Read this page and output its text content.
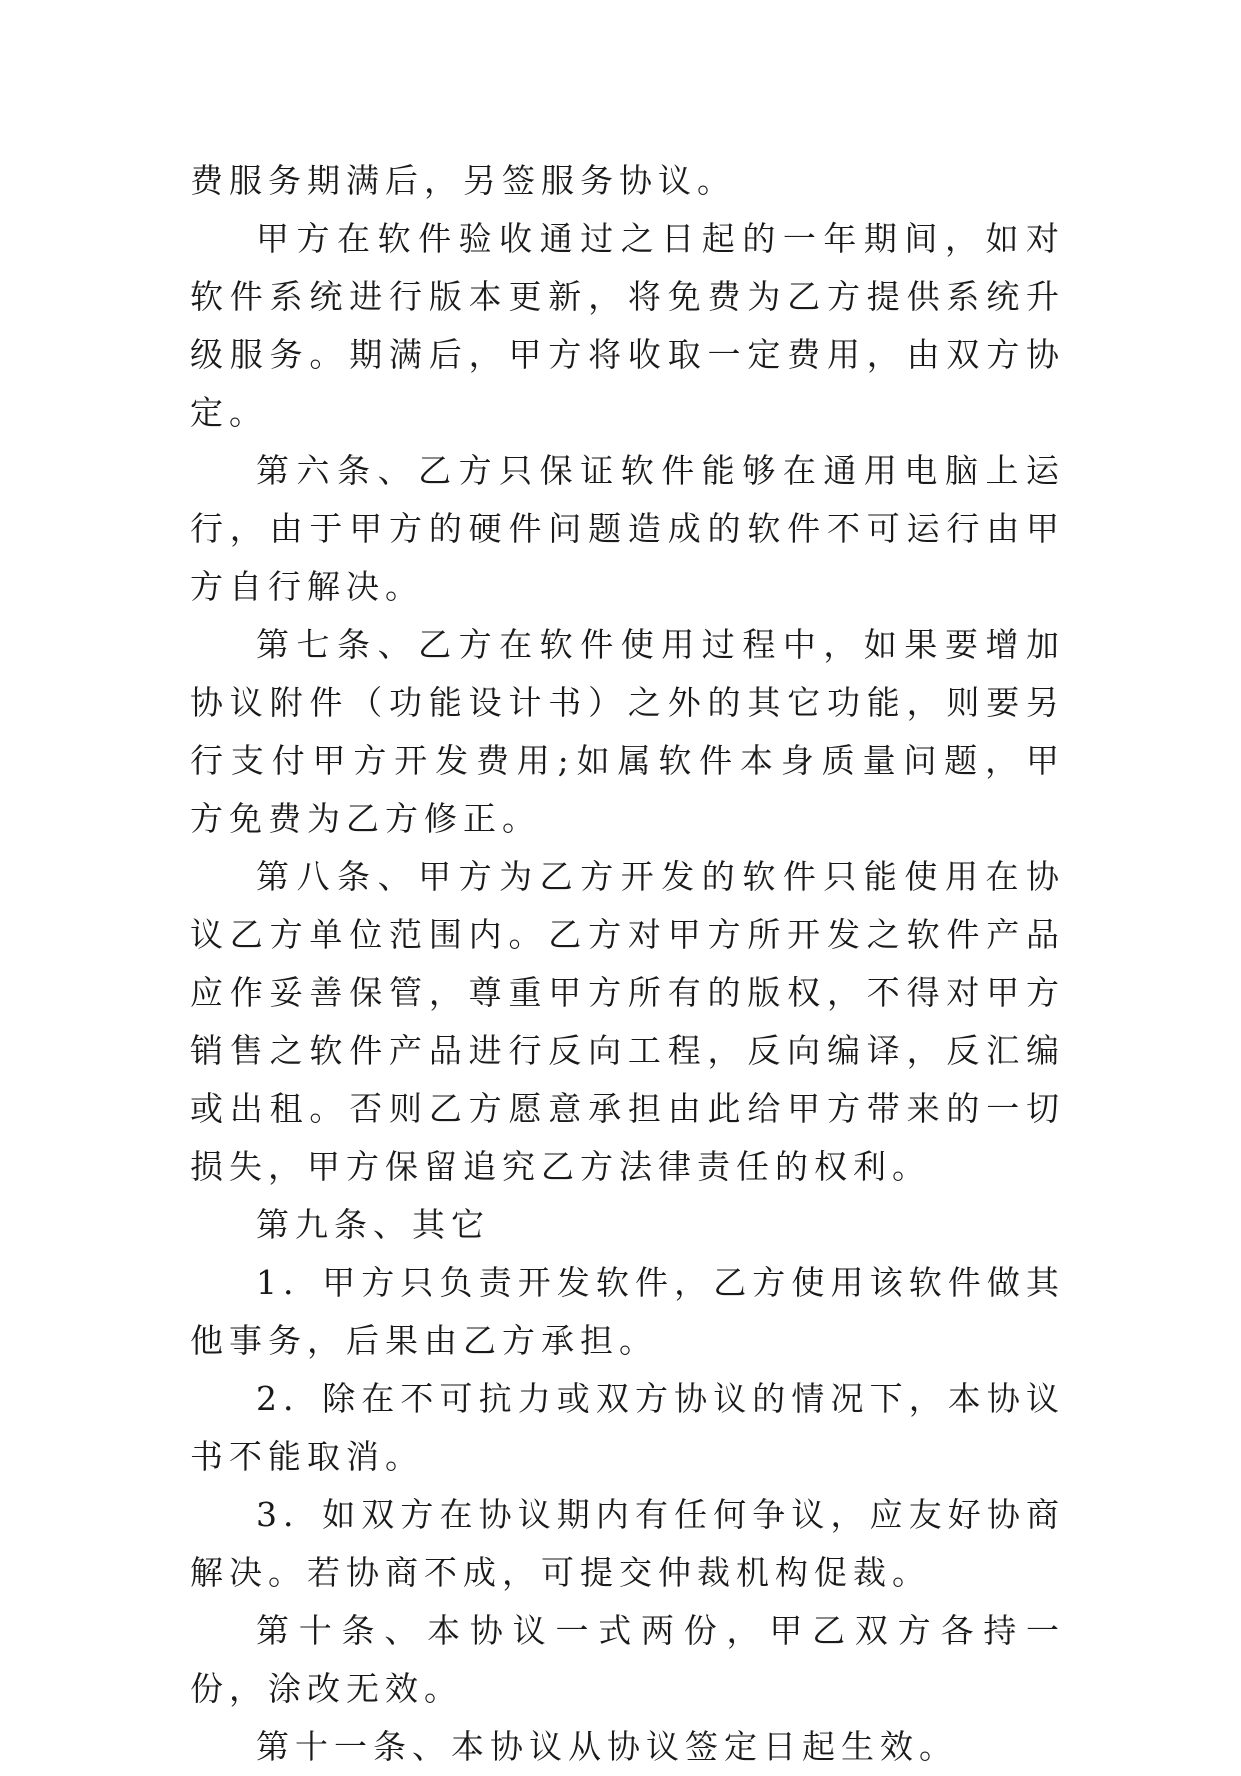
费服务期满后，另签服务协议。

甲方在软件验收通过之日起的一年期间，如对软件系统进行版本更新，将免费为乙方提供系统升级服务。期满后，甲方将收取一定费用，由双方协定。

第六条、乙方只保证软件能够在通用电脑上运行，由于甲方的硬件问题造成的软件不可运行由甲方自行解决。

第七条、乙方在软件使用过程中，如果要增加协议附件（功能设计书）之外的其它功能，则要另行支付甲方开发费用;如属软件本身质量问题，甲方免费为乙方修正。

第八条、甲方为乙方开发的软件只能使用在协议乙方单位范围内。乙方对甲方所开发之软件产品应作妥善保管，尊重甲方所有的版权，不得对甲方销售之软件产品进行反向工程，反向编译，反汇编或出租。否则乙方愿意承担由此给甲方带来的一切损失，甲方保留追究乙方法律责任的权利。

第九条、其它

1．甲方只负责开发软件，乙方使用该软件做其他事务，后果由乙方承担。

2．除在不可抗力或双方协议的情况下，本协议书不能取消。

3．如双方在协议期内有任何争议，应友好协商解决。若协商不成，可提交仲裁机构促裁。

第十条、本协议一式两份，甲乙双方各持一份，涂改无效。

第十一条、本协议从协议签定日起生效。
